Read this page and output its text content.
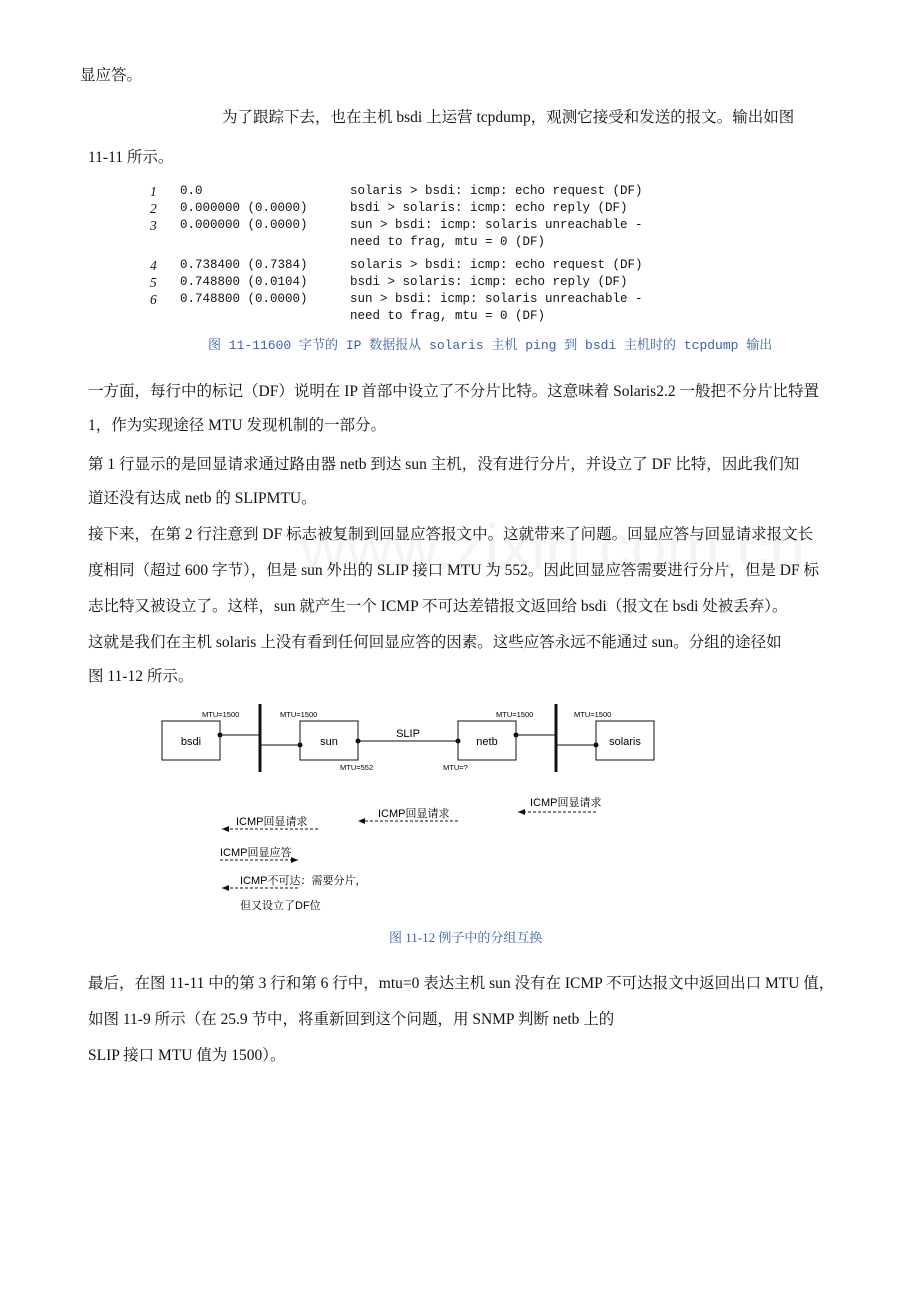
显应答。
为了跟踪下去，也在主机 bsdi 上运营 tcpdump，观测它接受和发送的报文。输出如图
11-11 所示。
1 0.0	solaris > bsdi: icmp: echo request (DF)
2 0.000000 (0.0000)	bsdi > solaris: icmp: echo reply (DF)
3 0.000000 (0.0000)	sun > bsdi: icmp: solaris unreachable -
need to frag, mtu = 0 (DF)
4 0.738400 (0.7384)	solaris > bsdi: icmp: echo request (DF)
5 0.748800 (0.0104)	bsdi > solaris: icmp: echo reply (DF)
6 0.748800 (0.0000)	sun > bsdi: icmp: solaris unreachable -
need to frag, mtu = 0 (DF)
图 11-11600 字节的 IP 数据报从 solaris 主机 ping 到 bsdi 主机时的 tcpdump 输出
一方面，每行中的标记（DF）说明在 IP 首部中设立了不分片比特。这意味着 Solaris2.2 一般把不分片比特置
1，作为实现途径 MTU 发现机制的一部分。
第 1 行显示的是回显请求通过路由器 netb 到达 sun 主机，没有进行分片，并设立了 DF 比特，因此我们知
道还没有达成 netb 的 SLIPMTU。
接下来，在第 2 行注意到 DF 标志被复制到回显应答报文中。这就带来了问题。回显应答与回显请求报文长
度相同（超过 600 字节），但是 sun 外出的 SLIP 接口 MTU 为 552。因此回显应答需要进行分片，但是 DF 标
志比特又被设立了。这样，sun 就产生一个 ICMP 不可达差错报文返回给 bsdi（报文在 bsdi 处被丢弃）。
这就是我们在主机 solaris 上没有看到任何回显应答的因素。这些应答永远不能通过 sun。分组的途径如
图 11-12 所示。
bsdi	sun	netb	solaris
MTU=1500	MTU=1500
MTU=552	MTU=?
MTU=1500	MTU=1500
SLIP
ICMP回显请求
ICMP回显请求
ICMP回显请求
ICMP回显应答
ICMP不可达：需要分片，
但又设立了DF位
图 11-12 例子中的分组互换
最后，在图 11-11 中的第 3 行和第 6 行中，mtu=0 表达主机 sun 没有在 ICMP 不可达报文中返回出口 MTU 值，
如图 11-9 所示（在 25.9 节中，将重新回到这个问题，用 SNMP 判断 netb 上的
SLIP 接口 MTU 值为 1500）。
